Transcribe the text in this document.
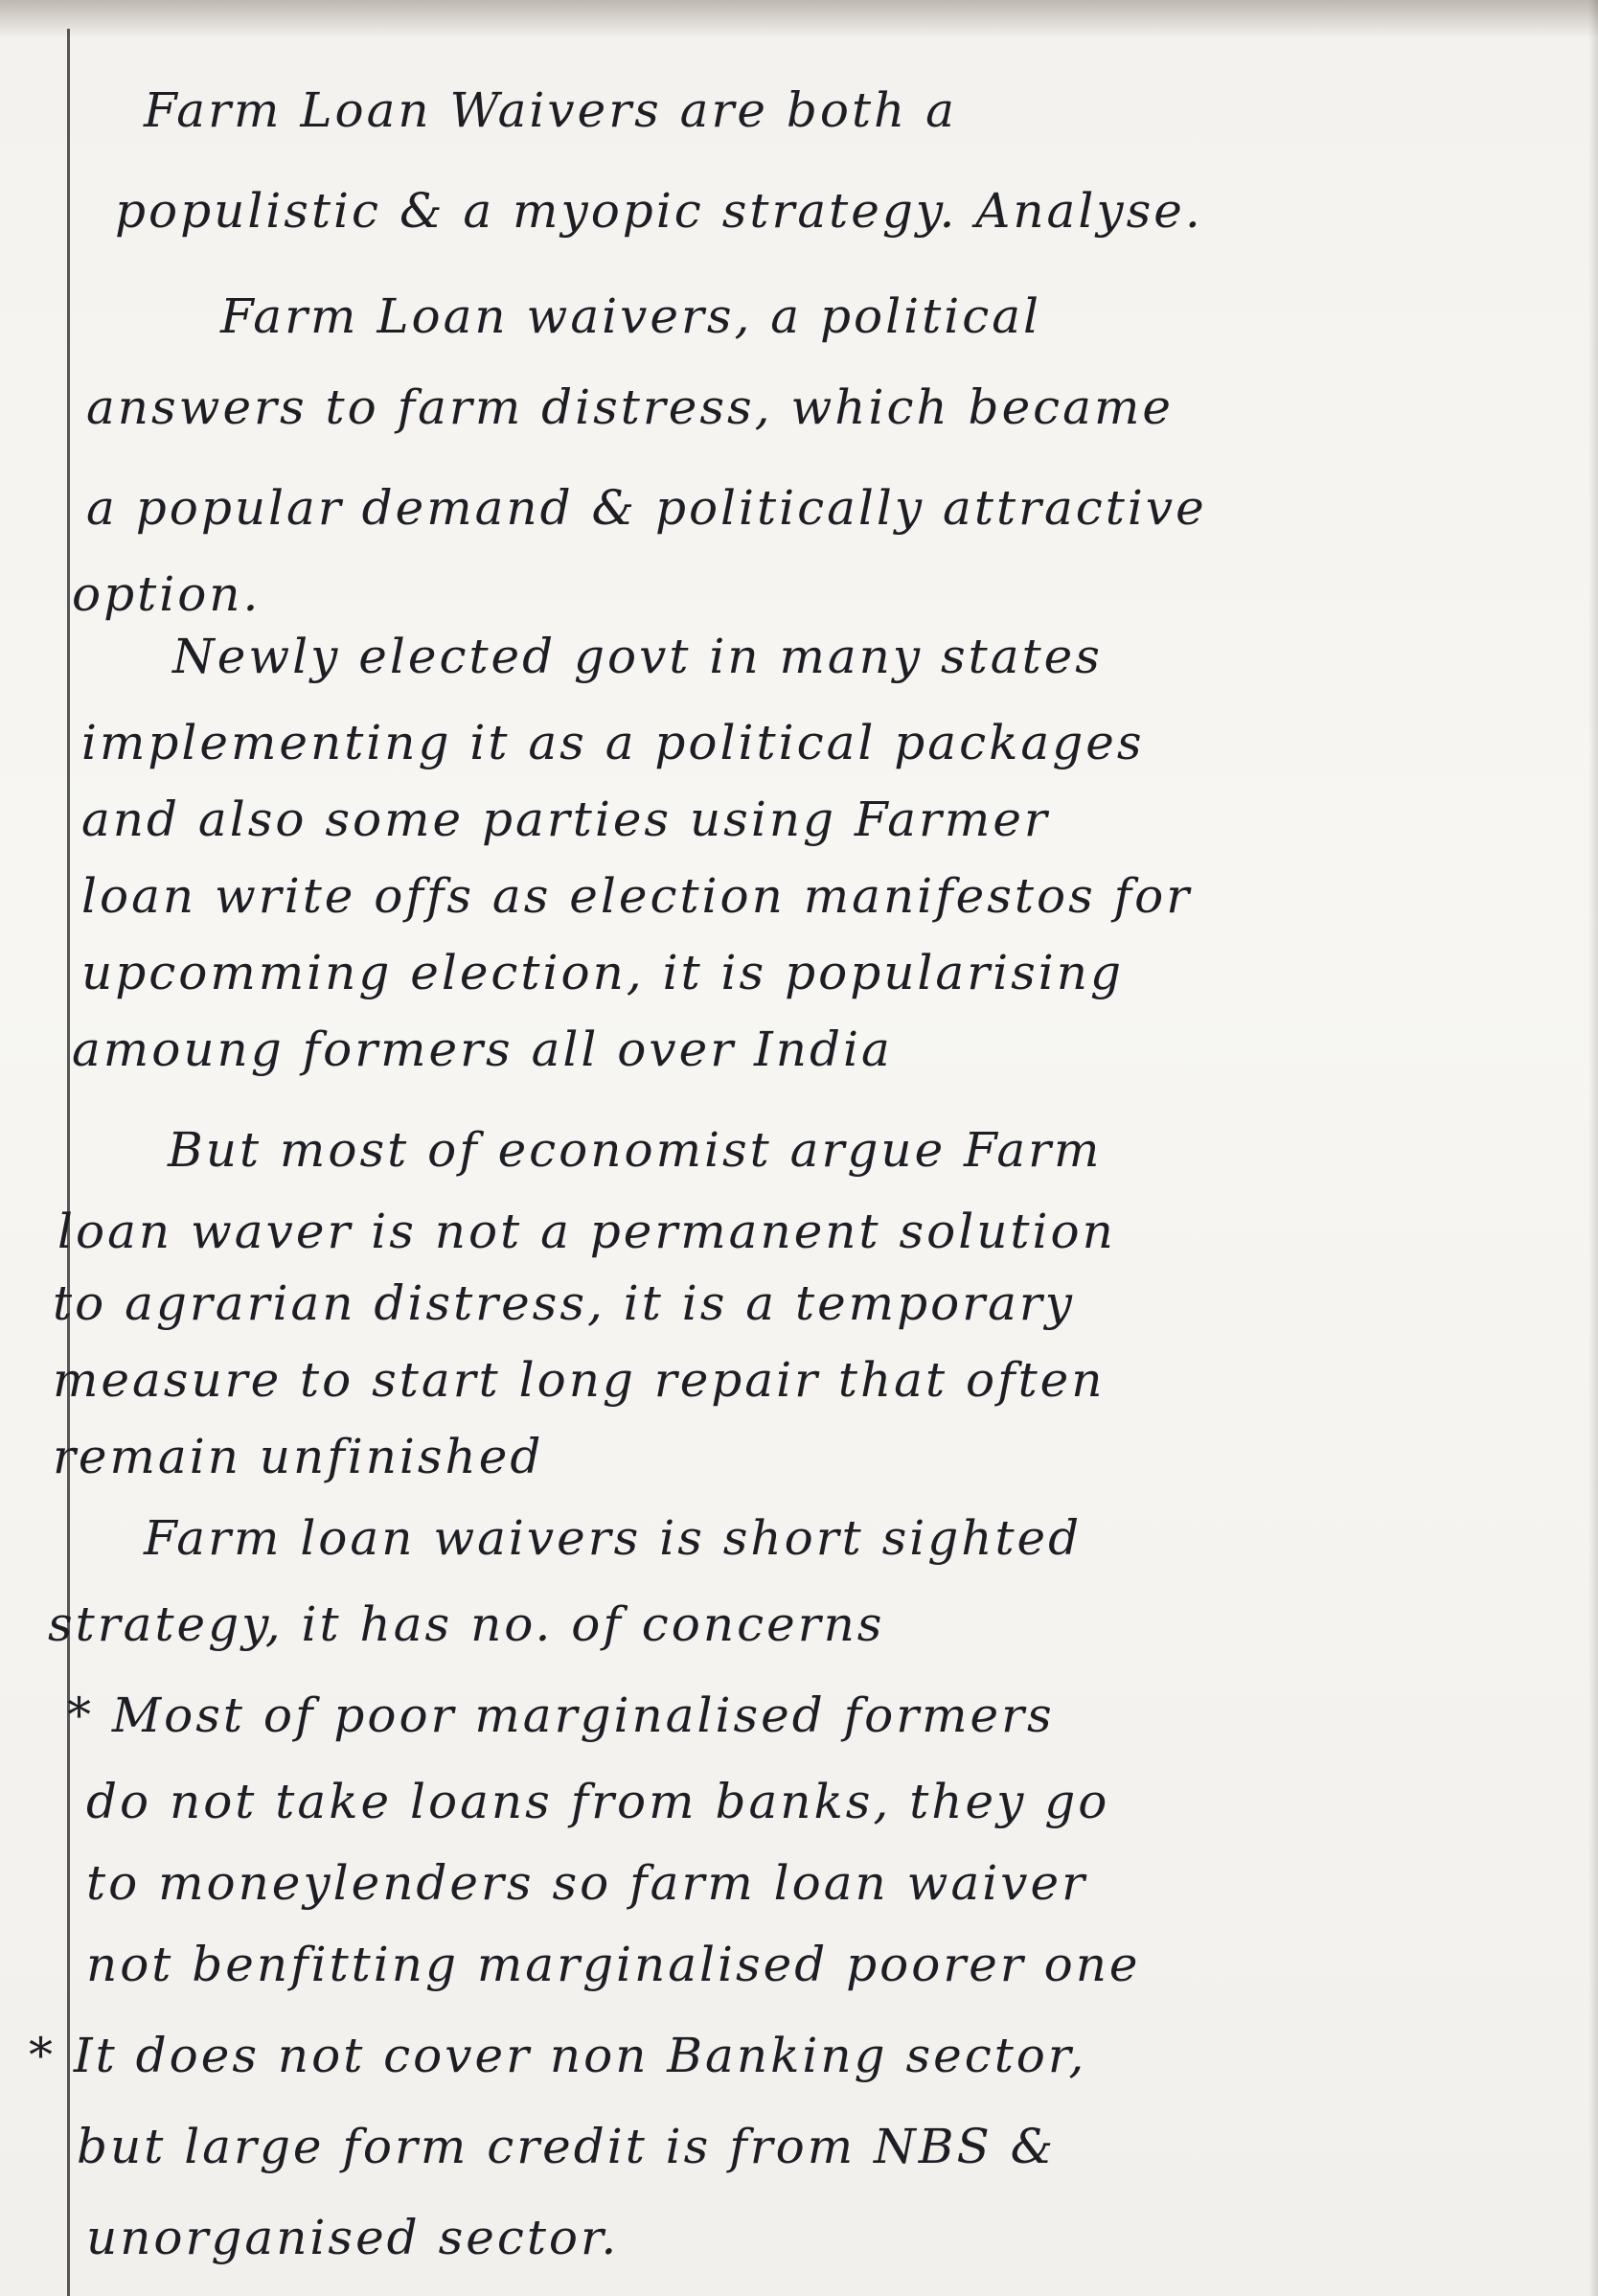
Farm Loan Waivers are both a
populistic & a myopic strategy. Analyse.
Farm Loan waivers, a political
answers to farm distress, which became
a popular demand & politically attractive
option.
Newly elected govt in many states
implementing it as a political packages
and also some parties using Farmer
loan write offs as election manifestos for
upcomming election, it is popularising
amoung formers all over India
But most of economist argue Farm
loan waver is not a permanent solution
to agrarian distress, it is a temporary
measure to start long repair that often
remain unfinished
Farm loan waivers is short sighted
strategy, it has no. of concerns
* Most of poor marginalised formers
do not take loans from banks, they go
to moneylenders so farm loan waiver
not benfitting marginalised poorer one
* It does not cover non Banking sector,
but large form credit is from NBS &
unorganised sector.
